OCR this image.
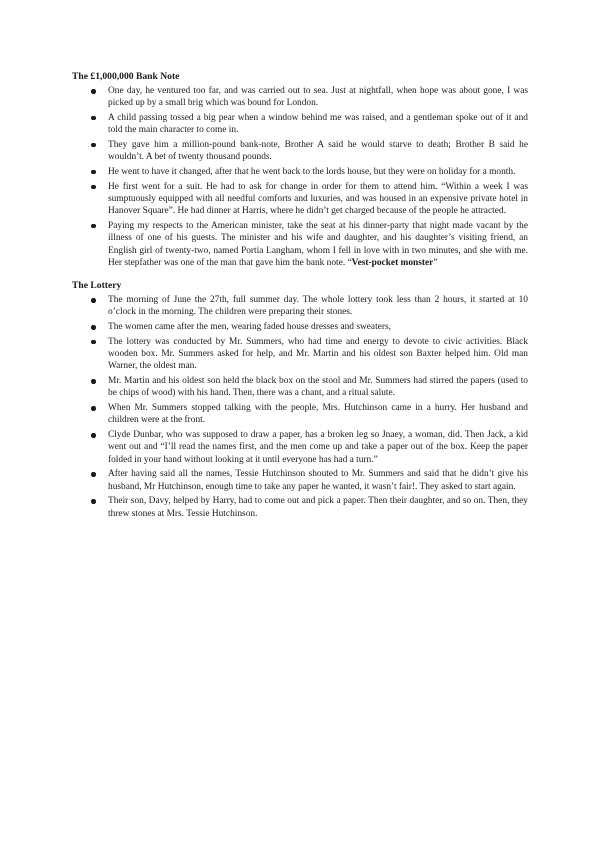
The £1,000,000 Bank Note
One day, he ventured too far, and was carried out to sea. Just at nightfall, when hope was about gone, I was picked up by a small brig which was bound for London.
A child passing tossed a big pear when a window behind me was raised, and a gentleman spoke out of it and told the main character to come in.
They gave him a million-pound bank-note, Brother A said he would starve to death; Brother B said he wouldn’t. A bet of twenty thousand pounds.
He went to have it changed, after that he went back to the lords house, but they were on holiday for a month.
He first went for a suit. He had to ask for change in order for them to attend him. “Within a week I was sumptuously equipped with all needful comforts and luxuries, and was housed in an expensive private hotel in Hanover Square”. He had dinner at Harris, where he didn’t get charged because of the people he attracted.
Paying my respects to the American minister, take the seat at his dinner-party that night made vacant by the illness of one of his guests. The minister and his wife and daughter, and his daughter’s visiting friend, an English girl of twenty-two, named Portia Langham, whom I fell in love with in two minutes, and she with me. Her stepfather was one of the man that gave him the bank note. “Vest-pocket monster”
The Lottery
The morning of June the 27th, full summer day. The whole lottery took less than 2 hours, it started at 10 o’clock in the morning. The children were preparing their stones.
The women came after the men, wearing faded house dresses and sweaters,
The lottery was conducted by Mr. Summers, who had time and energy to devote to civic activities. Black wooden box. Mr. Summers asked for help, and Mr. Martin and his oldest son Baxter helped him. Old man Warner, the oldest man.
Mr. Martin and his oldest son held the black box on the stool and Mr. Summers had stirred the papers (used to be chips of wood) with his hand. Then, there was a chant, and a ritual salute.
When Mr. Summers stopped talking with the people, Mrs. Hutchinson came in a hurry. Her husband and children were at the front.
Clyde Dunbar, who was supposed to draw a paper, has a broken leg so Jnaey, a woman, did. Then Jack, a kid went out and “I’ll read the names first, and the men come up and take a paper out of the box. Keep the paper folded in your hand without looking at it until everyone has had a turn.”
After having said all the names, Tessie Hutchinson shouted to Mr. Summers and said that he didn’t give his husband, Mr Hutchinson, enough time to take any paper he wanted, it wasn’t fair!. They asked to start again.
Their son, Davy, helped by Harry, had to come out and pick a paper. Then their daughter, and so on. Then, they threw stones at Mrs. Tessie Hutchinson.
